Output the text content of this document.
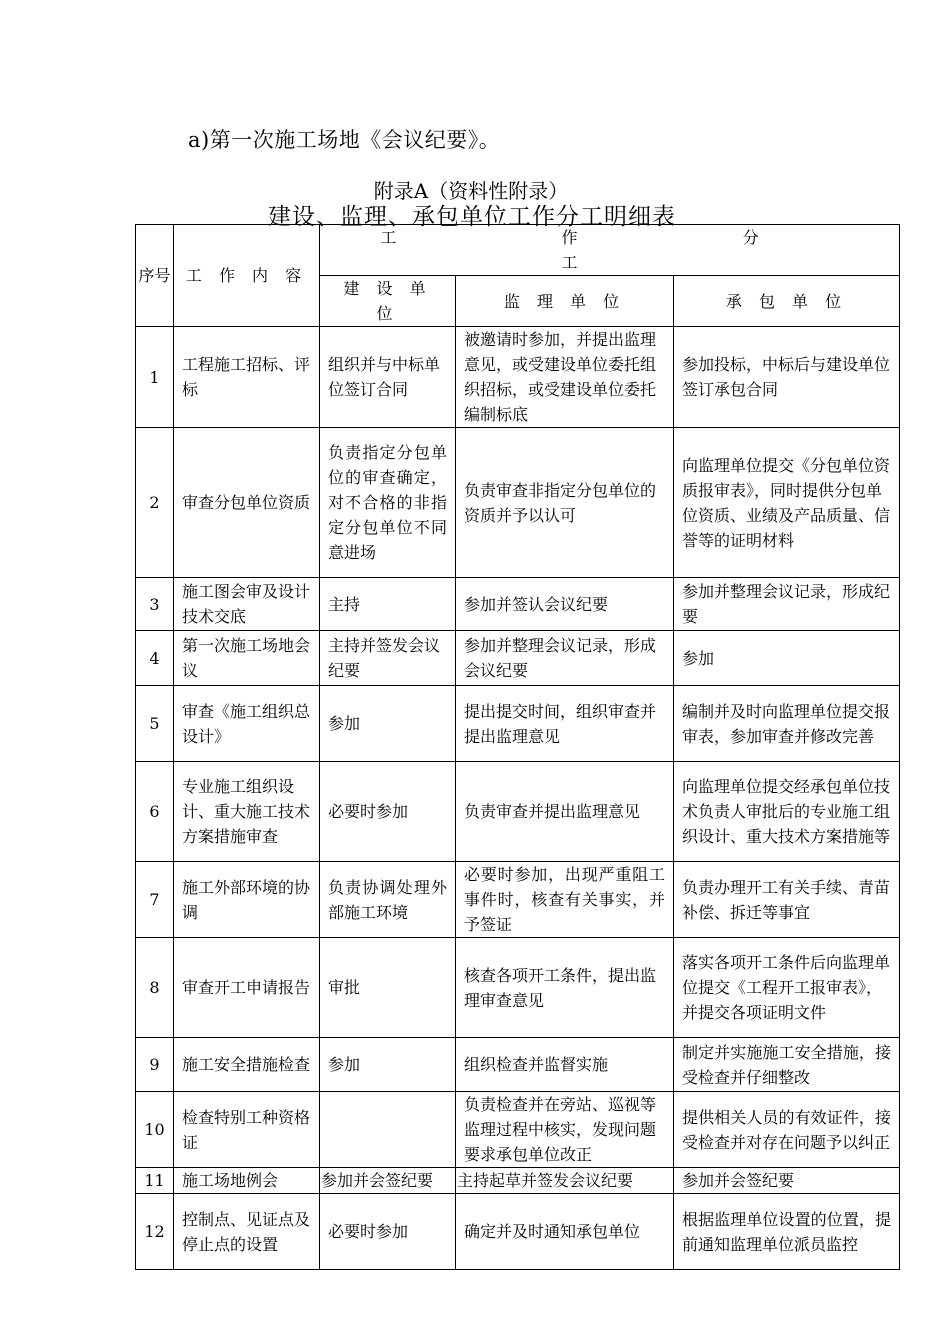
a)第一次施工场地《会议纪要》。
附录A（资料性附录）
建设、监理、承包单位工作分工明细表
序号	工 作 内 容	工 作 分 工		
		建 设 单 位	监 理 单 位	承 包 单 位
1	工程施工招标、评标	组织并与中标单位签订合同	被邀请时参加，并提出监理意见，或受建设单位委托组织招标，或受建设单位委托编制标底	参加投标，中标后与建设单位签订承包合同
2	审查分包单位资质	负责指定分包单位的审查确定，对不合格的非指定分包单位不同意进场	负责审查非指定分包单位的资质并予以认可	向监理单位提交《分包单位资质报审表》，同时提供分包单位资质、业绩及产品质量、信誉等的证明材料
3	施工图会审及设计技术交底	主持	参加并签认会议纪要	参加并整理会议记录，形成纪要
4	第一次施工场地会议	主持并签发会议纪要	参加并整理会议记录，形成会议纪要	参加
5	审查《施工组织总设计》	参加	提出提交时间，组织审查并提出监理意见	编制并及时向监理单位提交报审表，参加审查并修改完善
6	专业施工组织设计、重大施工技术方案措施审查	必要时参加	负责审查并提出监理意见	向监理单位提交经承包单位技术负责人审批后的专业施工组织设计、重大技术方案措施等
7	施工外部环境的协调	负责协调处理外部施工环境	必要时参加，出现严重阻工事件时，核查有关事实，并予签证	负责办理开工有关手续、青苗补偿、拆迁等事宜
8	审查开工申请报告	审批	核查各项开工条件，提出监理审查意见	落实各项开工条件后向监理单位提交《工程开工报审表》，并提交各项证明文件
9	施工安全措施检查	参加	组织检查并监督实施	制定并实施施工安全措施，接受检查并仔细整改
10	检查特别工种资格证		负责检查并在旁站、巡视等监理过程中核实，发现问题要求承包单位改正	提供相关人员的有效证件，接受检查并对存在问题予以纠正
11	施工场地例会	参加并会签纪要	主持起草并签发会议纪要	参加并会签纪要
12	控制点、见证点及停止点的设置	必要时参加	确定并及时通知承包单位	根据监理单位设置的位置，提前通知监理单位派员监控
